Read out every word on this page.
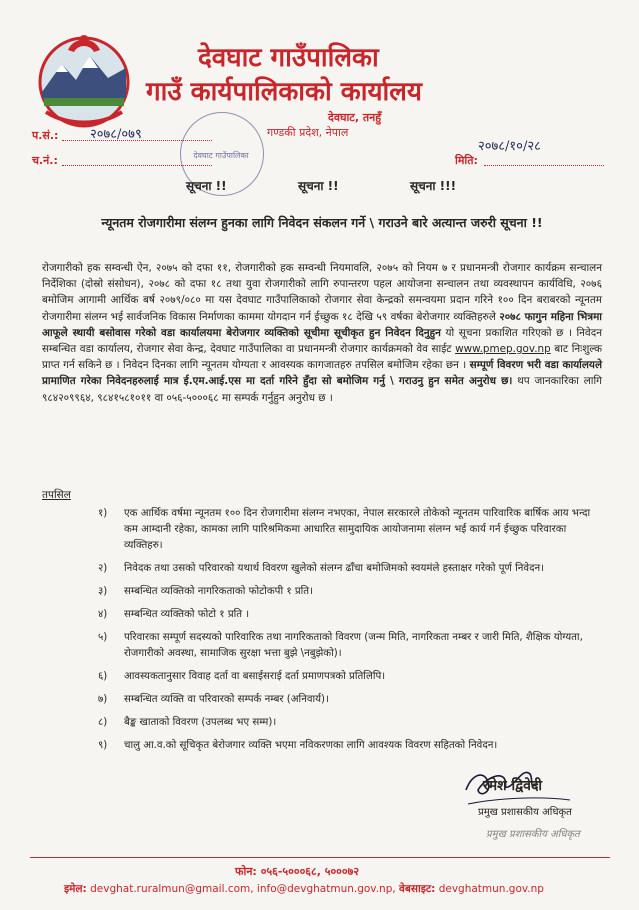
देवघाट गाउँपालिका
गाउँ कार्यपालिकाको कार्यालय
देवघाट, तनहुँ
गण्डकी प्रदेश, नेपाल
प.सं.: २०७८/०७९
च.नं.:
२०७८/१०/२८
मिति:
देवघाट गाउँपालिका
सूचना !!	सूचना !!	सूचना !!!
न्यूनतम रोजगारीमा संलग्न हुनका लागि निवेदन संकलन गर्ने \ गराउने बारे अत्यान्त जरुरी सूचना !!
रोजगारीको हक सम्वन्धी ऐन, २०७५ को दफा ११, रोजगारीको हक सम्वन्धी नियमावलि, २०७५ को नियम ७ र प्रधानमन्त्री रोजगार कार्यक्रम सन्चालन निर्देशिका (दोस्रो संसोधन), २०७८ को दफा १८ तथा युवा रोजगारीको लागि रुपान्तरण पहल आयोजना सन्चालन तथा व्यवस्थापन कार्यविधि, २०७६ बमोजिम आगामी आर्थिक बर्ष २०७९/०८० मा यस देवघाट गाउँपालिकाको रोजगार सेवा केन्द्रको समन्वयमा प्रदान गरिने १०० दिन बराबरको न्यूनतम रोजगारीमा संलग्न भई सार्वजनिक विकास निर्माणका काममा योगदान गर्न ईच्छुक १८ देखि ५९ वर्षका बेरोजगार व्यक्तिहरुले २०७८ फागुन महिना भित्रमा आफूले स्थायी बसोवास गरेको वडा कार्यालयमा बेरोजगार व्यक्तिको सूचीमा सूचीकृत हुन निवेदन दिनुहुन यो सूचना प्रकाशित गरिएको छ । निवेदन सम्बन्धित वडा कार्यालय, रोजगार सेवा केन्द्र, देवघाट गाउँपालिका वा प्रधानमन्त्री रोजगार कार्यक्रमको वेव साईट www.pmep.gov.np बाट निःशुल्क प्राप्त गर्न सकिने छ । निवेदन दिनका लागि न्यूनतम योग्यता र आवस्यक कागजातहरु तपसिल बमोजिम रहेका छन । सम्पूर्ण विवरण भरी वडा कार्यालयले प्रामाणित गरेका निवेदनहरुलाई मात्र ई.एम.आई.एस मा दर्ता गरिने हुँदा सो बमोजिम गर्नु \ गराउनु हुन समेत अनुरोध छ। थप जानकारिका लागि ९८४२०९९६४, ९८४१५८१०११ वा ०५६-५०००६८ मा सम्पर्क गर्नुहुन अनुरोध छ ।
तपसिल
१) एक आर्थिक वर्षमा न्यूनतम १०० दिन रोजगारीमा संलग्न नभएका, नेपाल सरकारले तोकेको न्यूनतम पारिवारिक बार्षिक आय भन्दा कम आम्दानी रहेका, कामका लागि पारिश्रमिकमा आधारित सामुदायिक आयोजनामा संलग्न भई कार्य गर्न ईच्छुक परिवारका व्यक्तिहरु।
२) निवेदक तथा उसको परिवारको यथार्थ विवरण खुलेको संलग्न ढाँचा बमोजिमको स्वयमंले हस्ताक्षर गरेको पूर्ण निवेदन।
३) सम्बन्धित व्यक्तिको नागरिकताको फोटोकपी १ प्रति।
४) सम्बन्धित व्यक्तिको फोटो १ प्रति ।
५) परिवारका सम्पूर्ण सदस्यको पारिवारिक तथा नागरिकताको विवरण (जन्म मिति, नागरिकता नम्बर र जारी मिति, शैक्षिक योग्यता, रोजगारीको अवस्था, सामाजिक सुरक्षा भत्ता बुझे \नबुझेको)।
६) आवस्यकतानुसार विवाह दर्ता वा बसाईसराई दर्ता प्रमाणपत्रको प्रतिलिपि।
७) सम्बन्धित व्यक्ति वा परिवारको सम्पर्क नम्बर (अनिवार्य)।
८) बैङ्क खाताको विवरण (उपलब्ध भए सम्म)।
९) चालु आ.व.को सूचिकृत बेरोजगार व्यक्ति भएमा नविकरणका लागि आवश्यक विवरण सहितको निवेदन।
रमेश द्विवेदी
प्रमुख प्रशासकीय अधिकृत
प्रमुख प्रशासकीय अधिकृत
फोन: ०५६-५०००६८, ५०००७२
इमेल: devghat.ruralmun@gmail.com, info@devghatmun.gov.np, वेबसाइट: devghatmun.gov.np
